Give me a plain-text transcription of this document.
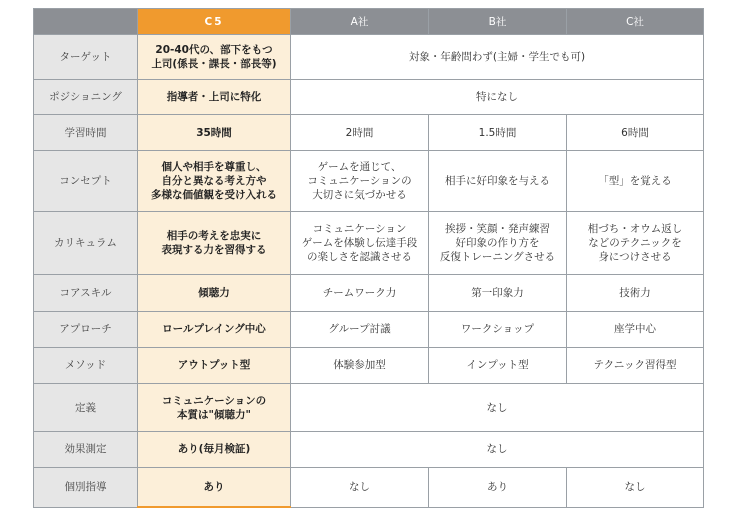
	C5	A社	B社	C社
ターゲット	20-40代の、部下をもつ
上司(係長・課長・部長等)	対象・年齢問わず(主婦・学生でも可)		
ポジショニング	指導者・上司に特化	特になし		
学習時間	35時間	2時間	1.5時間	6時間
コンセプト	個人や相手を尊重し、
自分と異なる考え方や
多様な価値観を受け入れる	ゲームを通じて、
コミュニケーションの
大切さに気づかせる	相手に好印象を与える	「型」を覚える
カリキュラム	相手の考えを忠実に
表現する力を習得する	コミュニケーション
ゲームを体験し伝達手段
の楽しさを認識させる	挨拶・笑顔・発声練習
好印象の作り方を
反復トレーニングさせる	相づち・オウム返し
などのテクニックを
身につけさせる
コアスキル	傾聴力	チームワーク力	第一印象力	技術力
アプローチ	ロールプレイング中心	グループ討議	ワークショップ	座学中心
メソッド	アウトプット型	体験参加型	インプット型	テクニック習得型
定義	コミュニケーションの
本質は"傾聴力"	なし		
効果測定	あり(毎月検証)	なし		
個別指導	あり	なし	あり	なし
